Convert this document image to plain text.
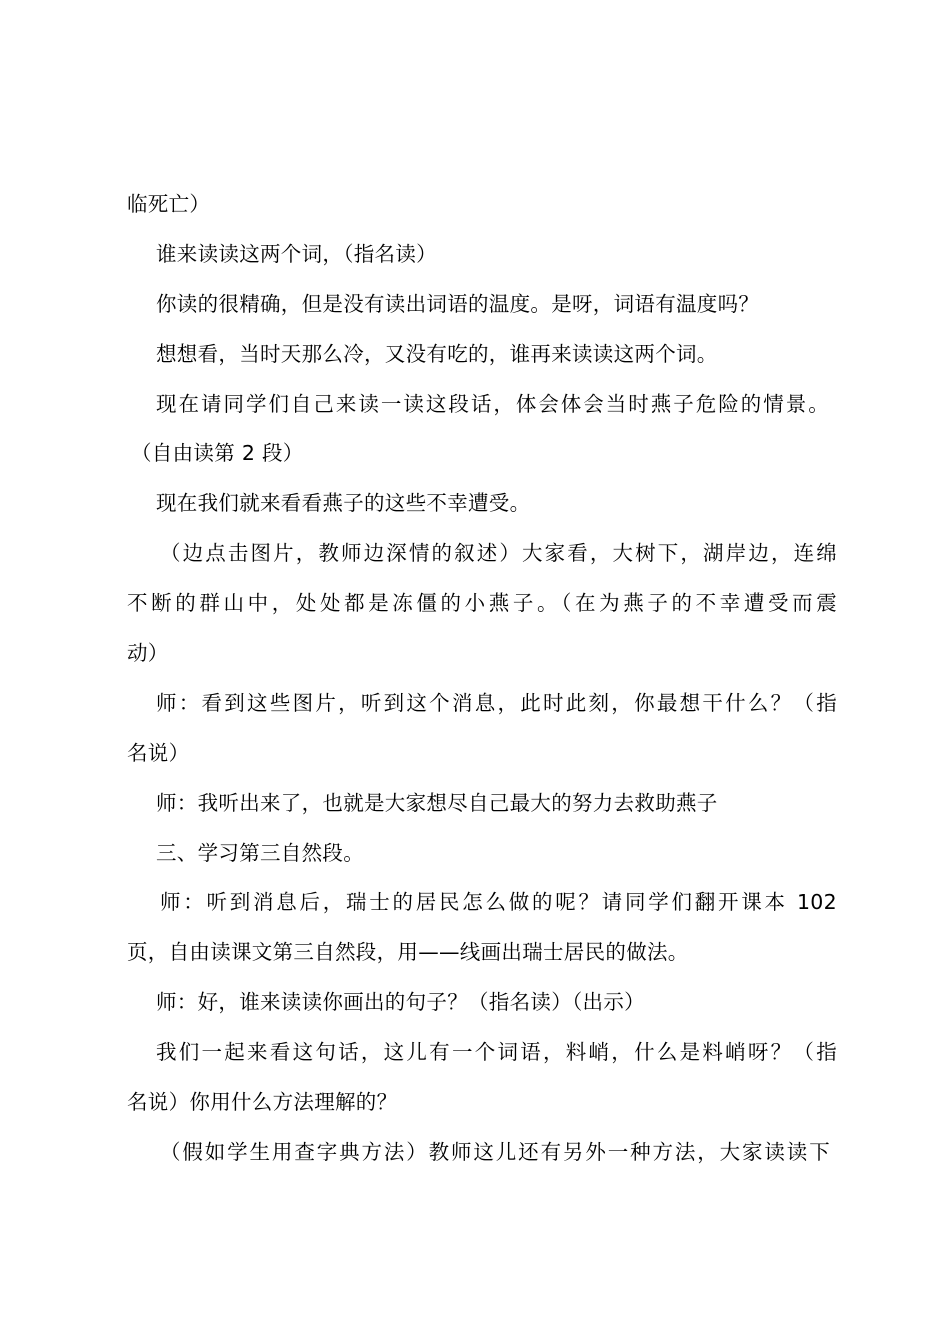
临死亡）
谁来读读这两个词，（指名读）
你读的很精确，但是没有读出词语的温度。是呀，词语有温度吗？
想想看，当时天那么冷，又没有吃的，谁再来读读这两个词。
现在请同学们自己来读一读这段话，体会体会当时燕子危险的情景。
（自由读第 2 段）
现在我们就来看看燕子的这些不幸遭受。
（边点击图片，教师边深情的叙述）大家看，大树下，湖岸边，连绵
不断的群山中，处处都是冻僵的小燕子。（在为燕子的不幸遭受而震
动）
师：看到这些图片，听到这个消息，此时此刻，你最想干什么？（指
名说）
师：我听出来了，也就是大家想尽自己最大的努力去救助燕子
三、学习第三自然段。
师：听到消息后，瑞士的居民怎么做的呢？请同学们翻开课本 102
页，自由读课文第三自然段，用——线画出瑞士居民的做法。
师：好，谁来读读你画出的句子？（指名读）（出示）
我们一起来看这句话，这儿有一个词语，料峭，什么是料峭呀？（指
名说）你用什么方法理解的？
（假如学生用查字典方法）教师这儿还有另外一种方法，大家读读下
